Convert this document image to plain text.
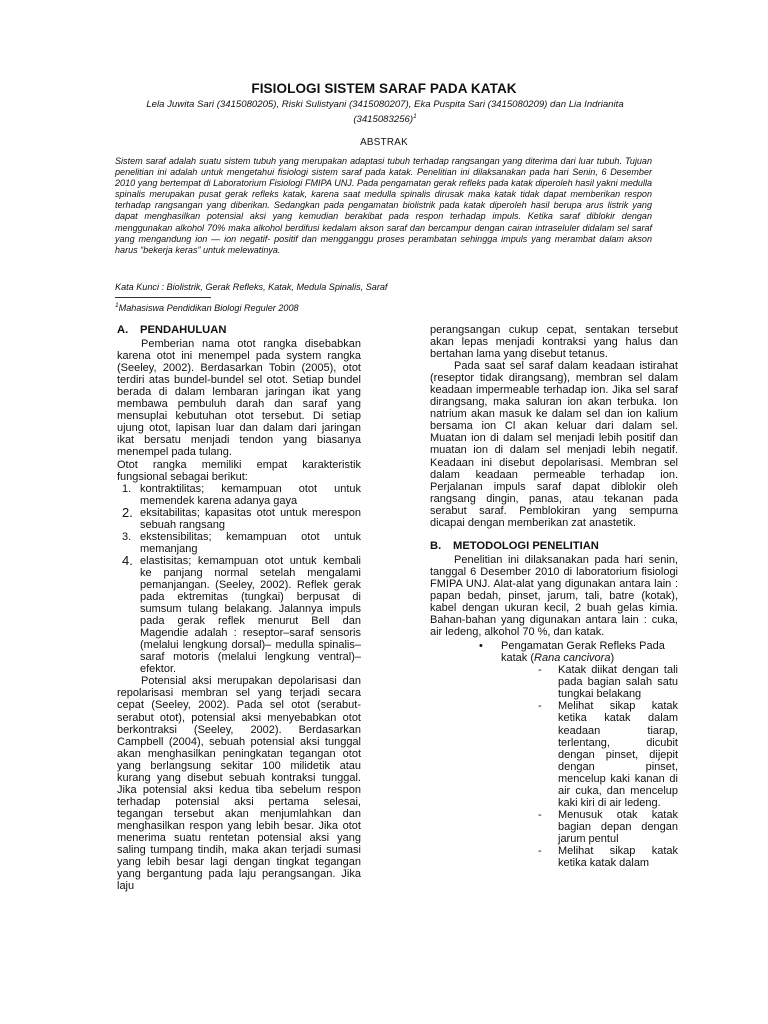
FISIOLOGI SISTEM SARAF PADA KATAK
Lela Juwita Sari (3415080205), Riski Sulistyani (3415080207), Eka Puspita Sari (3415080209) dan Lia Indrianita
$(3415083256)^1$
ABSTRAK
Sistem saraf adalah suatu sistem tubuh yang merupakan adaptasi tubuh terhadap rangsangan yang diterima dari luar tubuh. Tujuan penelitian ini adalah untuk mengetahui fisiologi sistem saraf pada katak. Penelitian ini dilaksanakan pada hari Senin, 6 Desember 2010 yang bertempat di Laboratorium Fisiologi FMIPA UNJ. Pada pengamatan gerak refleks pada katak diperoleh hasil yakni medulla spinalis merupakan pusat gerak refleks katak, karena saat medulla spinalis dirusak maka katak tidak dapat memberikan respon terhadap rangsangan yang diberikan. Sedangkan pada pengamatan biolistrik pada katak diperoleh hasil berupa arus listrik yang dapat menghasilkan potensial aksi yang kemudian berakibat pada respon terhadap impuls. Ketika saraf diblokir dengan menggunakan alkohol 70% maka alkohol berdifusi kedalam akson saraf dan bercampur dengan cairan intraseluler didalam sel saraf yang mengandung ion — ion negatif- positif dan mengganggu proses perambatan sehingga impuls yang merambat dalam akson harus “bekerja keras” untuk melewatinya.
Kata Kunci : Biolistrik, Gerak Refleks, Katak, Medula Spinalis, Saraf
$^1$Mahasiswa Pendidikan Biologi Reguler 2008
A.	PENDAHULUAN

Pemberian nama otot rangka disebabkan karena otot ini menempel pada system rangka (Seeley, 2002). Berdasarkan Tobin (2005), otot terdiri atas bundel-bundel sel otot. Setiap bundel berada di dalam lembaran jaringan ikat yang membawa pembuluh darah dan saraf yang mensuplai kebutuhan otot tersebut. Di setiap ujung otot, lapisan luar dan dalam dari jaringan ikat bersatu menjadi tendon yang biasanya menempel pada tulang.

Otot rangka memiliki empat karakteristik fungsional sebagai berikut:

1. kontraktilitas; kemampuan otot untuk memendek karena adanya gaya
2. eksitabilitas; kapasitas otot untuk merespon sebuah rangsang
3. ekstensibilitas; kemampuan otot untuk memanjang
4. elastisitas; kemampuan otot untuk kembali ke panjang normal setelah mengalami pemanjangan. (Seeley, 2002). Reflek gerak pada ektremitas (tungkai) berpusat di sumsum tulang belakang. Jalannya impuls pada gerak reflek menurut Bell dan Magendie adalah : reseptor–saraf sensoris (melalui lengkung dorsal)– medulla spinalis–saraf motoris (melalui lengkung ventral)–efektor.

Potensial aksi merupakan depolarisasi dan repolarisasi membran sel yang terjadi secara cepat (Seeley, 2002). Pada sel otot (serabut-serabut otot), potensial aksi menyebabkan otot berkontraksi (Seeley, 2002). Berdasarkan Campbell (2004), sebuah potensial aksi tunggal akan menghasilkan peningkatan tegangan otot yang berlangsung sekitar 100 milidetik atau kurang yang disebut sebuah kontraksi tunggal. Jika potensial aksi kedua tiba sebelum respon terhadap potensial aksi pertama selesai, tegangan tersebut akan menjumlahkan dan menghasilkan respon yang lebih besar. Jika otot menerima suatu rentetan potensial aksi yang saling tumpang tindih, maka akan terjadi sumasi yang lebih besar lagi dengan tingkat tegangan yang bergantung pada laju perangsangan. Jika laju

perangsangan cukup cepat, sentakan tersebut akan lepas menjadi kontraksi yang halus dan bertahan lama yang disebut tetanus.

Pada saat sel saraf dalam keadaan istirahat (reseptor tidak dirangsang), membran sel dalam keadaan impermeable terhadap ion. Jika sel saraf dirangsang, maka saluran ion akan terbuka. Ion natrium akan masuk ke dalam sel dan ion kalium bersama ion Cl akan keluar dari dalam sel. Muatan ion di dalam sel menjadi lebih positif dan muatan ion di dalam sel menjadi lebih negatif. Keadaan ini disebut depolarisasi. Membran sel dalam keadaan permeable terhadap ion. Perjalanan impuls saraf dapat diblokir oleh rangsang dingin, panas, atau tekanan pada serabut saraf. Pemblokiran yang sempurna dicapai dengan memberikan zat anastetik.

B.	METODOLOGI PENELITIAN

Penelitian ini dilaksanakan pada hari senin, tanggal 6 Desember 2010 di laboratorium fisiologi FMIPA UNJ. Alat-alat yang digunakan antara lain : papan bedah, pinset, jarum, tali, batre (kotak), kabel dengan ukuran kecil, 2 buah gelas kimia. Bahan-bahan yang digunakan antara lain : cuka, air ledeng, alkohol 70 %, dan katak.

•	Pengamatan Gerak Refleks Pada katak (Rana cancivora)
-	Katak diikat dengan tali pada bagian salah satu tungkai belakang
-	Melihat sikap katak ketika katak dalam keadaan tiarap, terlentang, dicubit dengan pinset, dijepit dengan pinset, mencelup kaki kanan di air cuka, dan mencelup kaki kiri di air ledeng.
-	Menusuk otak katak bagian depan dengan jarum pentul
-	Melihat sikap katak ketika katak dalam
